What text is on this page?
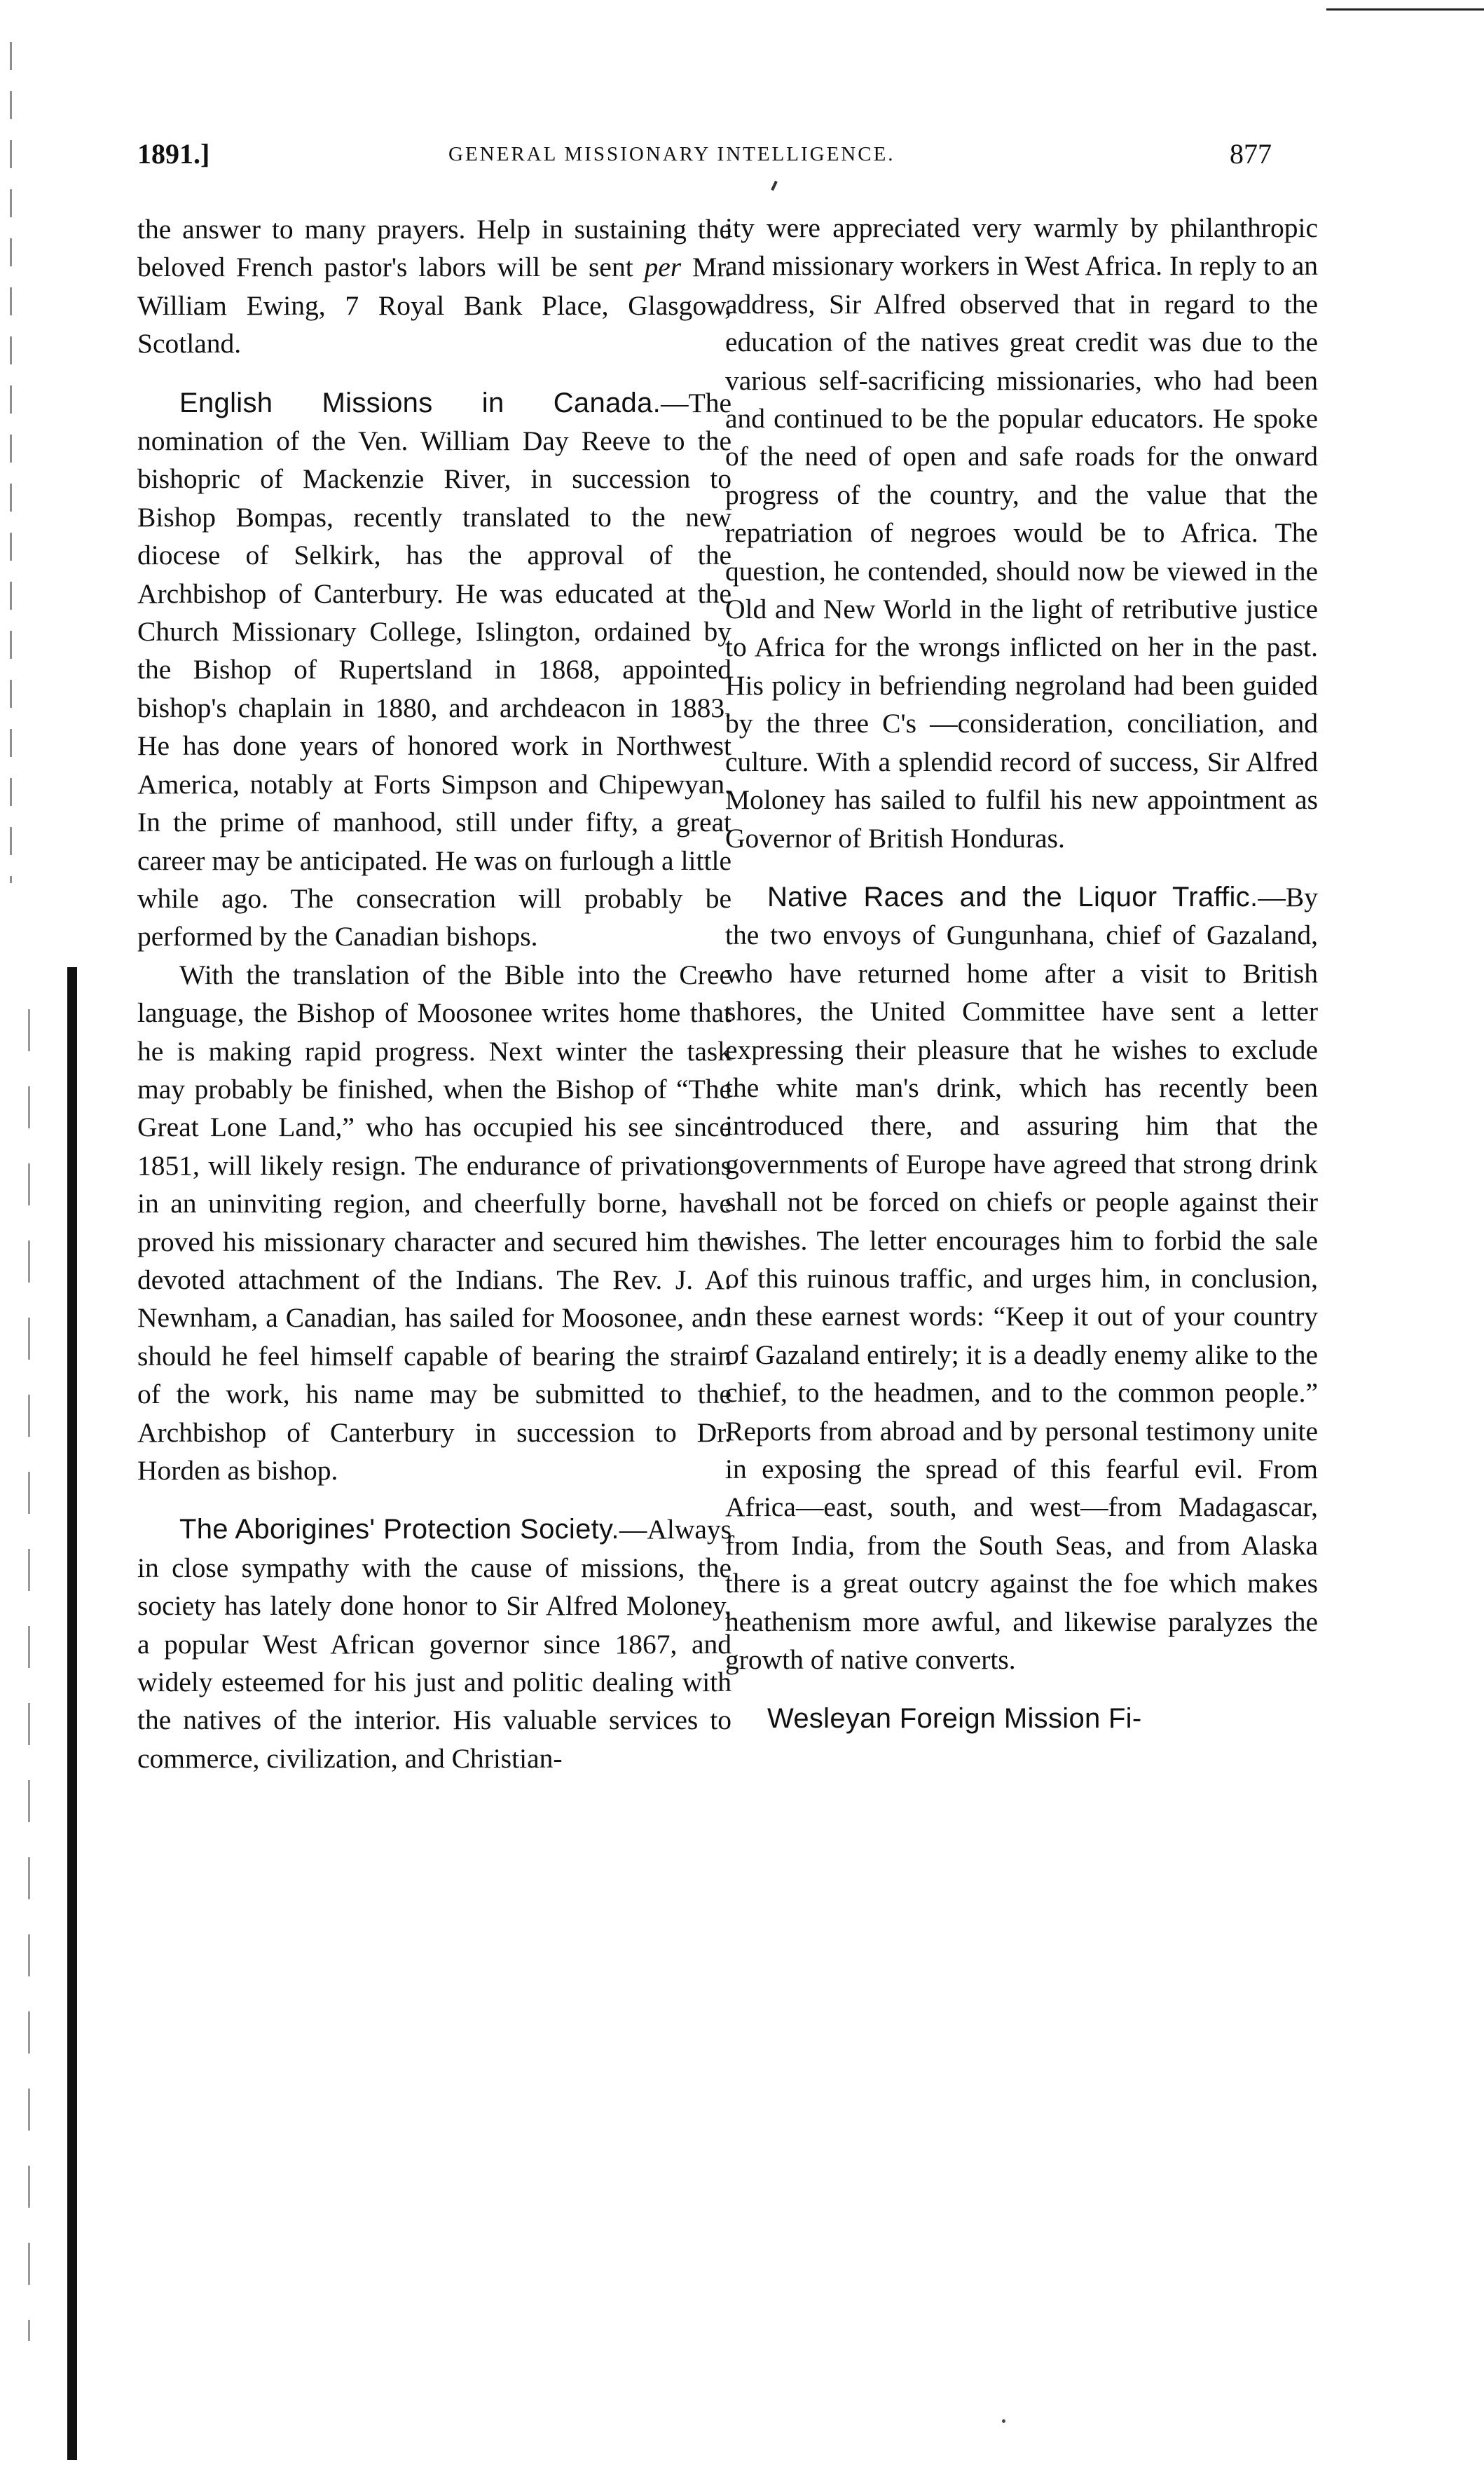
1891.]	GENERAL MISSIONARY INTELLIGENCE.	877

the answer to many prayers. Help in sustaining the beloved French pastor's labors will be sent per Mr. William Ewing, 7 Royal Bank Place, Glasgow, Scotland.

English Missions in Canada.—The nomination of the Ven. William Day Reeve to the bishopric of Mackenzie River, in succession to Bishop Bompas, recently translated to the new diocese of Selkirk, has the approval of the Archbishop of Canterbury. He was educated at the Church Missionary College, Islington, ordained by the Bishop of Rupertsland in 1868, appointed bishop's chaplain in 1880, and archdeacon in 1883. He has done years of honored work in Northwest America, notably at Forts Simpson and Chipewyan. In the prime of manhood, still under fifty, a great career may be anticipated. He was on furlough a little while ago. The consecration will probably be performed by the Canadian bishops.

With the translation of the Bible into the Cree language, the Bishop of Moosonee writes home that he is making rapid progress. Next winter the task may probably be finished, when the Bishop of “The Great Lone Land,” who has occupied his see since 1851, will likely resign. The endurance of privations in an uninviting region, and cheerfully borne, have proved his missionary character and secured him the devoted attachment of the Indians. The Rev. J. A. Newnham, a Canadian, has sailed for Moosonee, and should he feel himself capable of bearing the strain of the work, his name may be submitted to the Archbishop of Canterbury in succession to Dr. Horden as bishop.

The Aborigines' Protection Society.—Always in close sympathy with the cause of missions, the society has lately done honor to Sir Alfred Moloney, a popular West African governor since 1867, and widely esteemed for his just and politic dealing with the natives of the interior. His valuable services to commerce, civilization, and Christian-

ity were appreciated very warmly by philanthropic and missionary workers in West Africa. In reply to an address, Sir Alfred observed that in regard to the education of the natives great credit was due to the various self-sacrificing missionaries, who had been and continued to be the popular educators. He spoke of the need of open and safe roads for the onward progress of the country, and the value that the repatriation of negroes would be to Africa. The question, he contended, should now be viewed in the Old and New World in the light of retributive justice to Africa for the wrongs inflicted on her in the past. His policy in befriending negroland had been guided by the three C's —consideration, conciliation, and culture. With a splendid record of success, Sir Alfred Moloney has sailed to fulfil his new appointment as Governor of British Honduras.

Native Races and the Liquor Traffic.—By the two envoys of Gungunhana, chief of Gazaland, who have returned home after a visit to British shores, the United Committee have sent a letter expressing their pleasure that he wishes to exclude the white man's drink, which has recently been introduced there, and assuring him that the governments of Europe have agreed that strong drink shall not be forced on chiefs or people against their wishes. The letter encourages him to forbid the sale of this ruinous traffic, and urges him, in conclusion, in these earnest words: “Keep it out of your country of Gazaland entirely; it is a deadly enemy alike to the chief, to the headmen, and to the common people.” Reports from abroad and by personal testimony unite in exposing the spread of this fearful evil. From Africa—east, south, and west—from Madagascar, from India, from the South Seas, and from Alaska there is a great outcry against the foe which makes heathenism more awful, and likewise paralyzes the growth of native converts.

Wesleyan Foreign Mission Fi-
